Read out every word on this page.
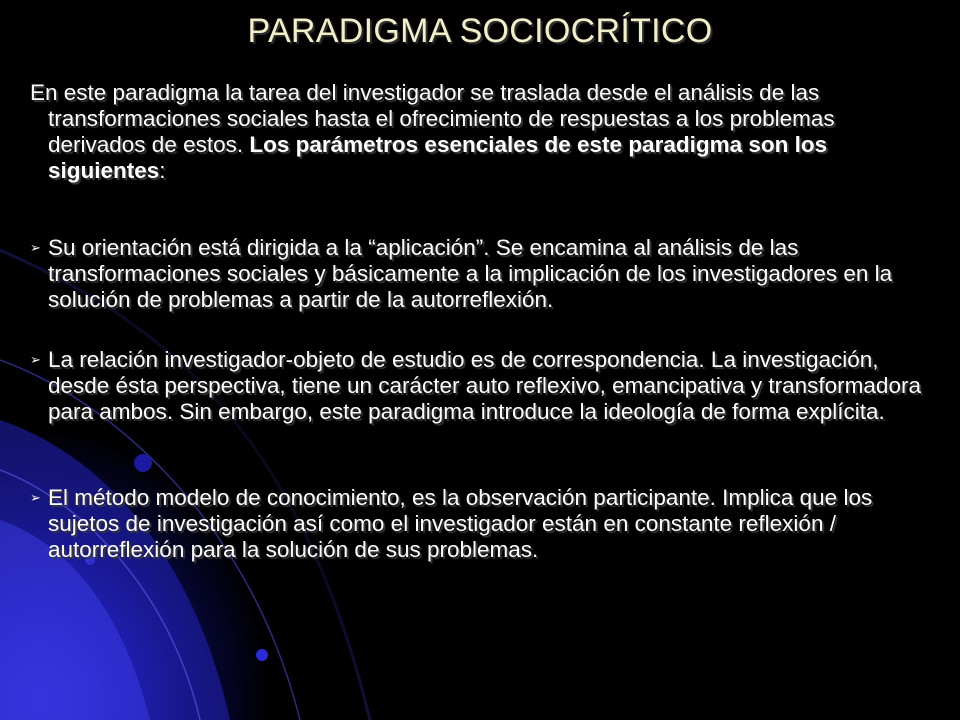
PARADIGMA SOCIOCRÍTICO
En este paradigma la tarea del investigador se traslada desde el análisis de las transformaciones sociales hasta el ofrecimiento de respuestas a los problemas derivados de estos. Los parámetros esenciales de este paradigma son los siguientes:
➢ Su orientación está dirigida a la “aplicación”. Se encamina al análisis de las transformaciones sociales y básicamente a la implicación de los investigadores en la solución de problemas a partir de la autorreflexión.
➢ La relación investigador-objeto de estudio es de correspondencia. La investigación, desde ésta perspectiva, tiene un carácter auto reflexivo, emancipativa y transformadora para ambos. Sin embargo, este paradigma introduce la ideología de forma explícita.
➢ El método modelo de conocimiento, es la observación participante. Implica que los sujetos de investigación así como el investigador están en constante reflexión / autorreflexión para la solución de sus problemas.
